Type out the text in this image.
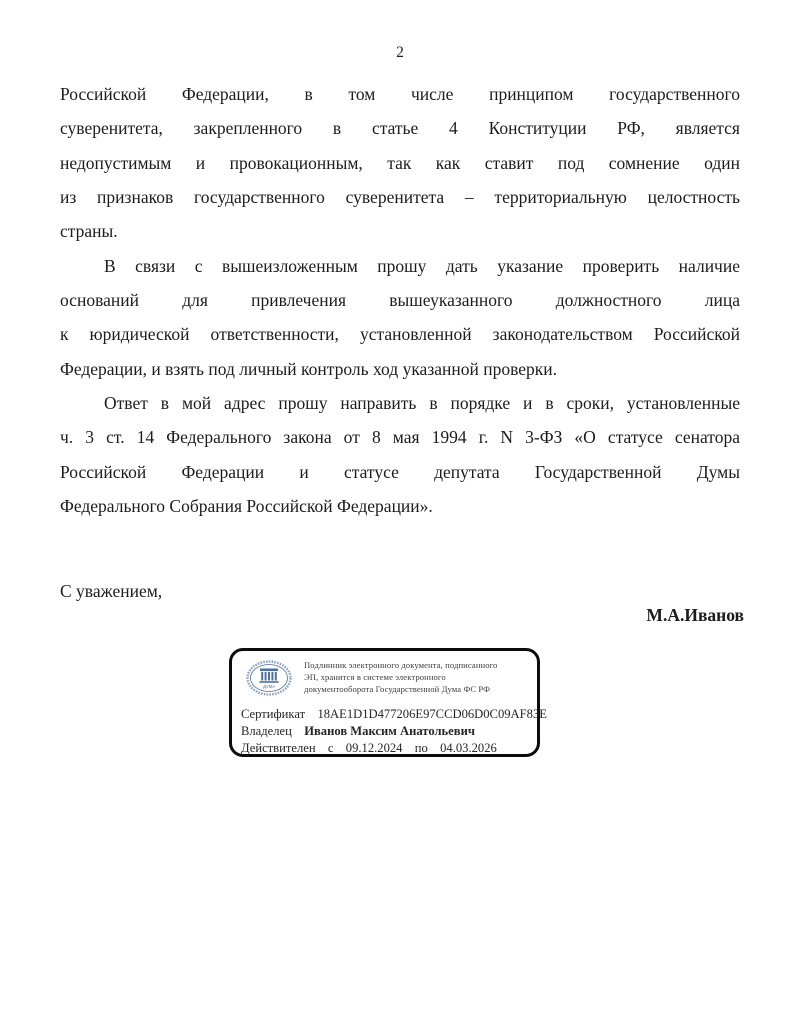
2
Российской Федерации, в том числе принципом государственного
суверенитета, закрепленного в статье 4 Конституции РФ, является
недопустимым и провокационным, так как ставит под сомнение один
из признаков государственного суверенитета – территориальную целостность
страны.
В связи с вышеизложенным прошу дать указание проверить наличие
оснований для привлечения вышеуказанного должностного лица
к юридической ответственности, установленной законодательством Российской
Федерации, и взять под личный контроль ход указанной проверки.
Ответ в мой адрес прошу направить в порядке и в сроки, установленные
ч. 3 ст. 14 Федерального закона от 8 мая 1994 г. N 3-ФЗ «О статусе сенатора
Российской Федерации и статусе депутата Государственной Думы
Федерального Собрания Российской Федерации».
С уважением,
М.А.Иванов
ДУМА
Подлинник электронного документа, подписанного
ЭП, хранится в системе электронного
документооборота Государственной Дума ФС РФ
Сертификат 18AE1D1D477206E97CCD06D0C09AF83E
Владелец Иванов Максим Анатольевич
Действителен с 09.12.2024 по 04.03.2026
